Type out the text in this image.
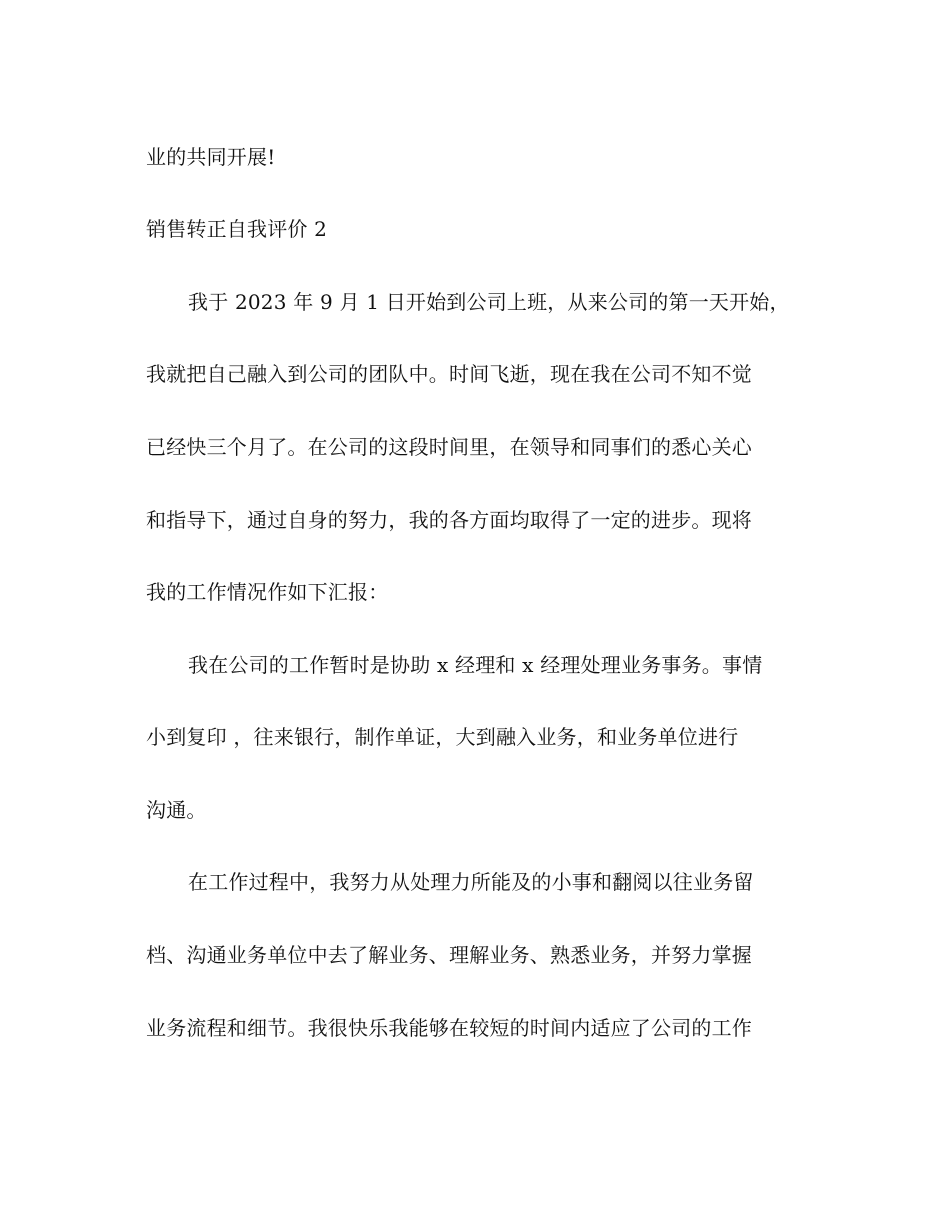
业的共同开展!
销售转正自我评价 2
我于 2023 年 9 月 1 日开始到公司上班，从来公司的第一天开始，
我就把自己融入到公司的团队中。时间飞逝，现在我在公司不知不觉
已经快三个月了。在公司的这段时间里，在领导和同事们的悉心关心
和指导下，通过自身的努力，我的各方面均取得了一定的进步。现将
我的工作情况作如下汇报：
我在公司的工作暂时是协助 x 经理和 x 经理处理业务事务。事情
小到复印 ，往来银行，制作单证，大到融入业务，和业务单位进行
沟通。
在工作过程中，我努力从处理力所能及的小事和翻阅以往业务留
档、沟通业务单位中去了解业务、理解业务、熟悉业务，并努力掌握
业务流程和细节。我很快乐我能够在较短的时间内适应了公司的工作
